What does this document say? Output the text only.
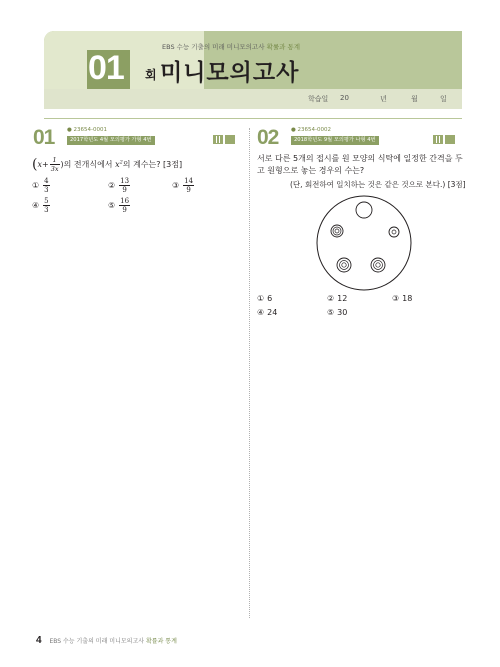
01 회
EBS 수능 기출의 미래 미니모의고사 확률과 통계
미니모의고사
학습일 20	년	월	일
01 ● 23654-0001
2017학년도 4월 모의평가 가형 4번
($x+ \frac{1}{3x}$ )의 전개식에서 $x^2$의 계수는? [3점]
① $\frac{4}{3}$	② $\frac{13}{9}$	③ $\frac{14}{9}$
④ $\frac{5}{3}$	⑤ $\frac{16}{9}$
02 ● 23654-0002
2018학년도 9월 모의평가 나형 4번
서로 다른 5개의 접시를 원 모양의 식탁에 일정한 간격을 두
고 원형으로 놓는 경우의 수는?
(단, 회전하여 일치하는 것은 같은 것으로 본다.) [3점]
① 6	② 12	③ 18
④ 24	⑤ 30
4 EBS 수능 기출의 미래 미니모의고사 확률과 통계
